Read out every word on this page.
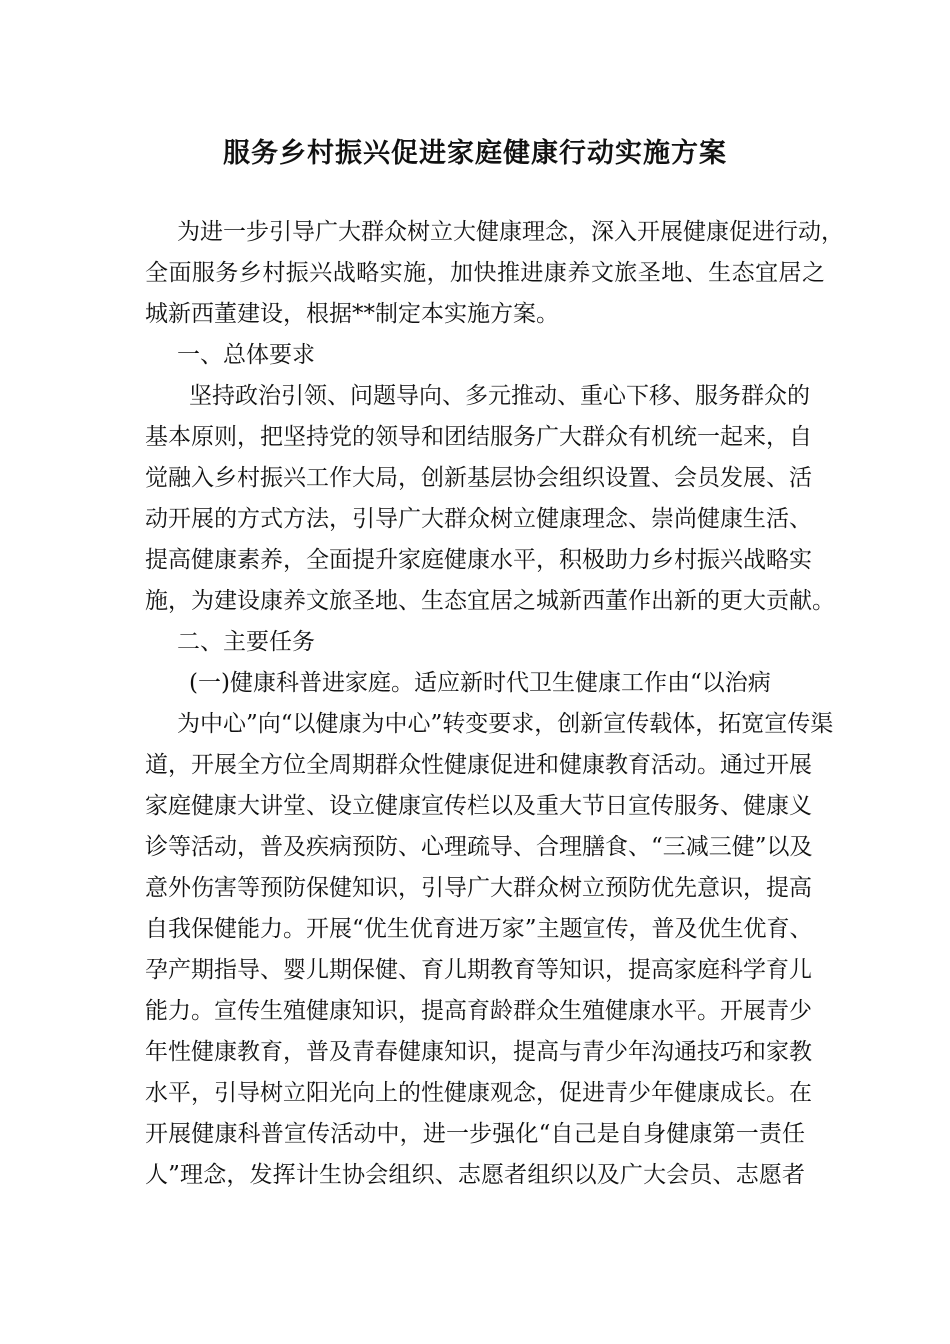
服务乡村振兴促进家庭健康行动实施方案

为进一步引导广大群众树立大健康理念，深入开展健康促进行动，

全面服务乡村振兴战略实施，加快推进康养文旅圣地、生态宜居之

城新西董建设，根据**制定本实施方案。

一、总体要求

坚持政治引领、问题导向、多元推动、重心下移、服务群众的

基本原则，把坚持党的领导和团结服务广大群众有机统一起来，自

觉融入乡村振兴工作大局，创新基层协会组织设置、会员发展、活

动开展的方式方法，引导广大群众树立健康理念、崇尚健康生活、

提高健康素养，全面提升家庭健康水平，积极助力乡村振兴战略实

施，为建设康养文旅圣地、生态宜居之城新西董作出新的更大贡献。

二、主要任务

(一)健康科普进家庭。适应新时代卫生健康工作由“以治病

为中心”向“以健康为中心”转变要求，创新宣传载体，拓宽宣传渠

道，开展全方位全周期群众性健康促进和健康教育活动。通过开展

家庭健康大讲堂、设立健康宣传栏以及重大节日宣传服务、健康义

诊等活动，普及疾病预防、心理疏导、合理膳食、“三减三健”以及

意外伤害等预防保健知识，引导广大群众树立预防优先意识，提高

自我保健能力。开展“优生优育进万家”主题宣传，普及优生优育、

孕产期指导、婴儿期保健、育儿期教育等知识，提高家庭科学育儿

能力。宣传生殖健康知识，提高育龄群众生殖健康水平。开展青少

年性健康教育，普及青春健康知识，提高与青少年沟通技巧和家教

水平，引导树立阳光向上的性健康观念，促进青少年健康成长。在

开展健康科普宣传活动中，进一步强化“自己是自身健康第一责任

人”理念，发挥计生协会组织、志愿者组织以及广大会员、志愿者
